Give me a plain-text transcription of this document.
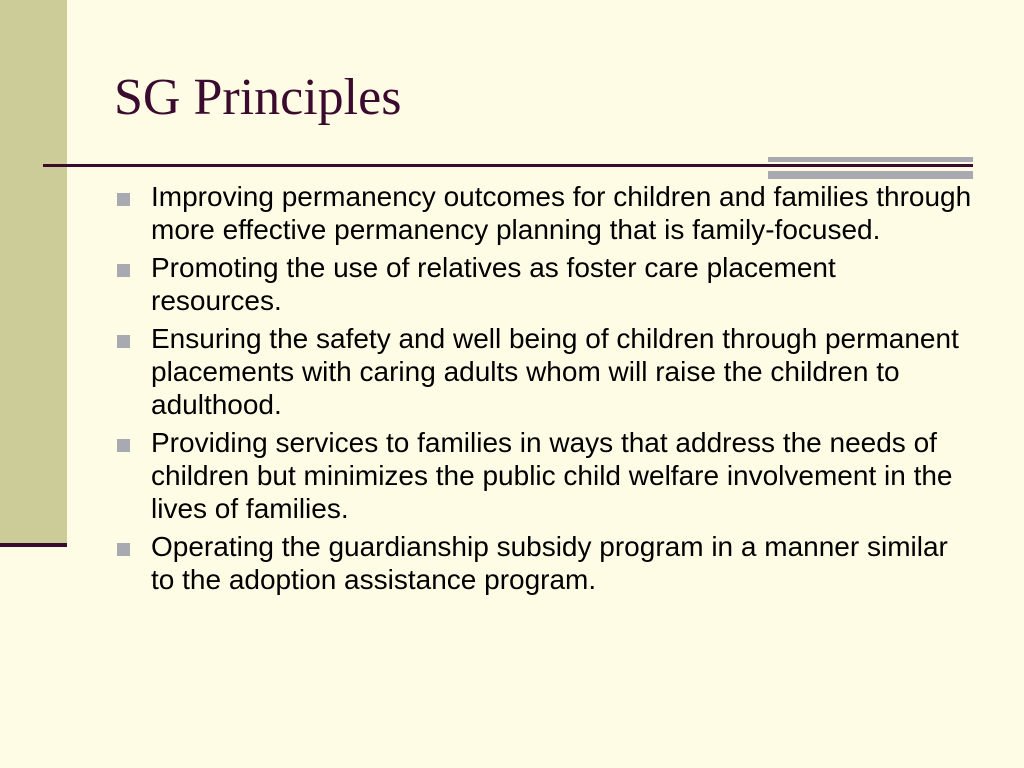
SG Principles
Improving permanency outcomes for children and families through more effective permanency planning that is family-focused.
Promoting the use of relatives as foster care placement resources.
Ensuring the safety and well being of children through permanent placements with caring adults whom will raise the children to adulthood.
Providing services to families in ways that address the needs of children but minimizes the public child welfare involvement in the lives of families.
Operating the guardianship subsidy program in a manner similar to the adoption assistance program.
